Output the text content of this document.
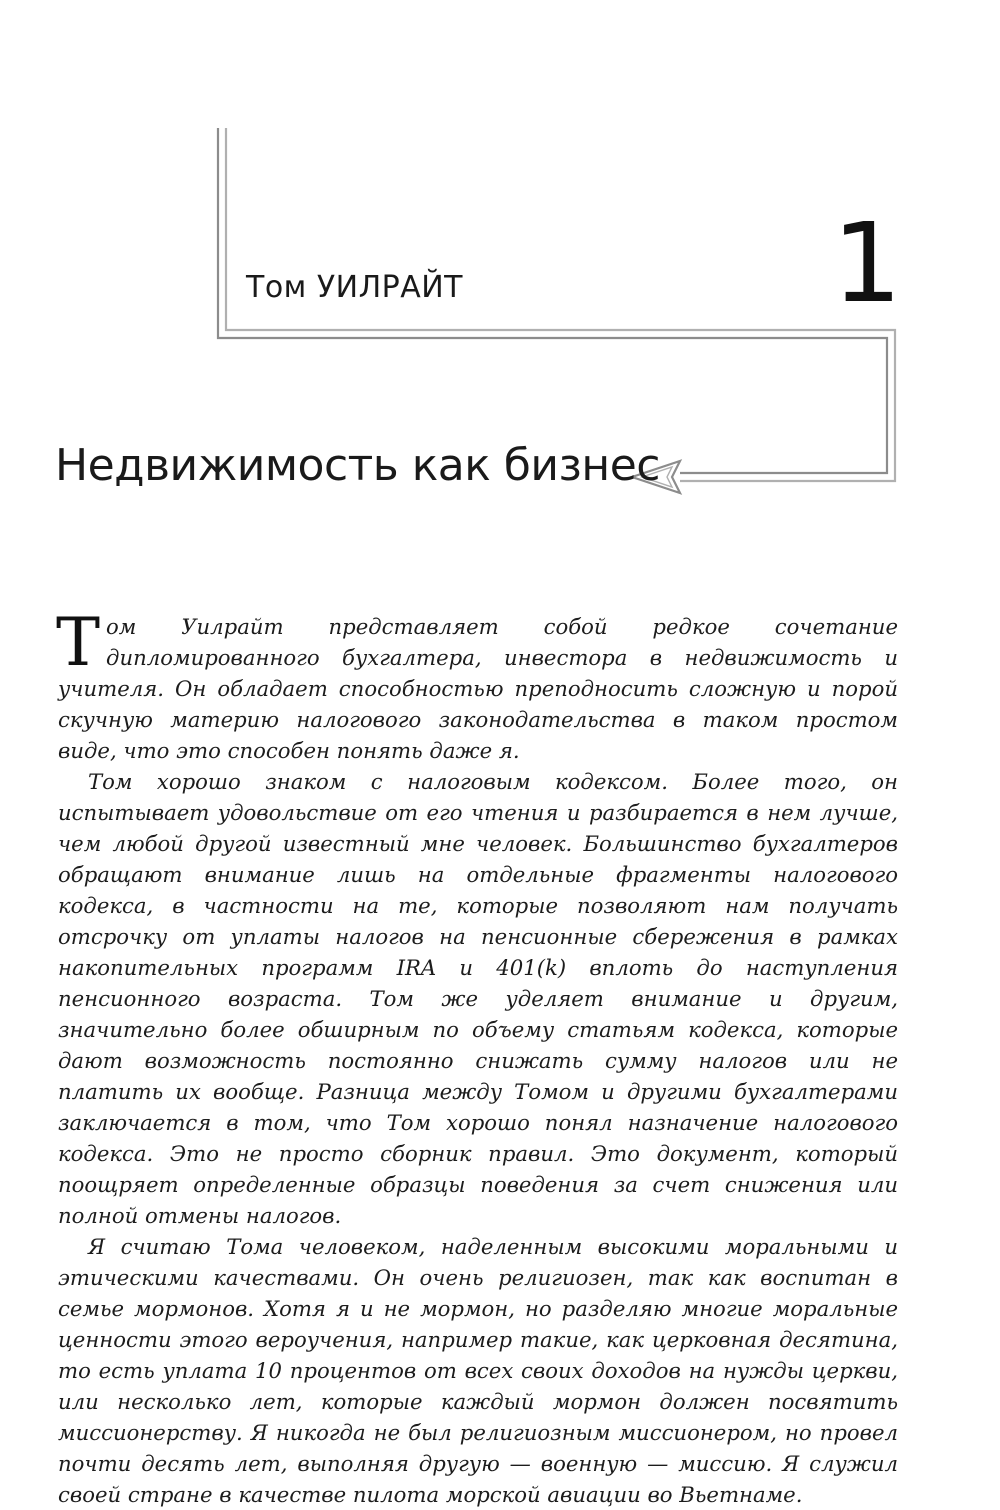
Том УИЛРАЙТ	1
Недвижимость как бизнес

Том Уилрайт представляет собой редкое сочетание дипломированного бухгалтера, инвестора в недвижимость и учителя. Он обладает способностью преподносить сложную и порой скучную материю налогового законодательства в таком простом виде, что это способен понять даже я.

Том хорошо знаком с налоговым кодексом. Более того, он испытывает удовольствие от его чтения и разбирается в нем лучше, чем любой другой известный мне человек. Большинство бухгалтеров обращают внимание лишь на отдельные фрагменты налогового кодекса, в частности на те, которые позволяют нам получать отсрочку от уплаты налогов на пенсионные сбережения в рамках накопительных программ IRA и 401(k) вплоть до наступления пенсионного возраста. Том же уделяет внимание и другим, значительно более обширным по объему статьям кодекса, которые дают возможность постоянно снижать сумму налогов или не платить их вообще. Разница между Томом и другими бухгалтерами заключается в том, что Том хорошо понял назначение налогового кодекса. Это не просто сборник правил. Это документ, который поощряет определенные образцы поведения за счет снижения или полной отмены налогов.

Я считаю Тома человеком, наделенным высокими моральными и этическими качествами. Он очень религиозен, так как воспитан в семье мормонов. Хотя я и не мормон, но разделяю многие моральные ценности этого вероучения, например такие, как церковная десятина, то есть уплата 10 процентов от всех своих доходов на нужды церкви, или несколько лет, которые каждый мормон должен посвятить миссионерству. Я никогда не был религиозным миссионером, но провел почти десять лет, выполняя другую — военную — миссию. Я служил своей стране в качестве пилота морской авиации во Вьетнаме.
